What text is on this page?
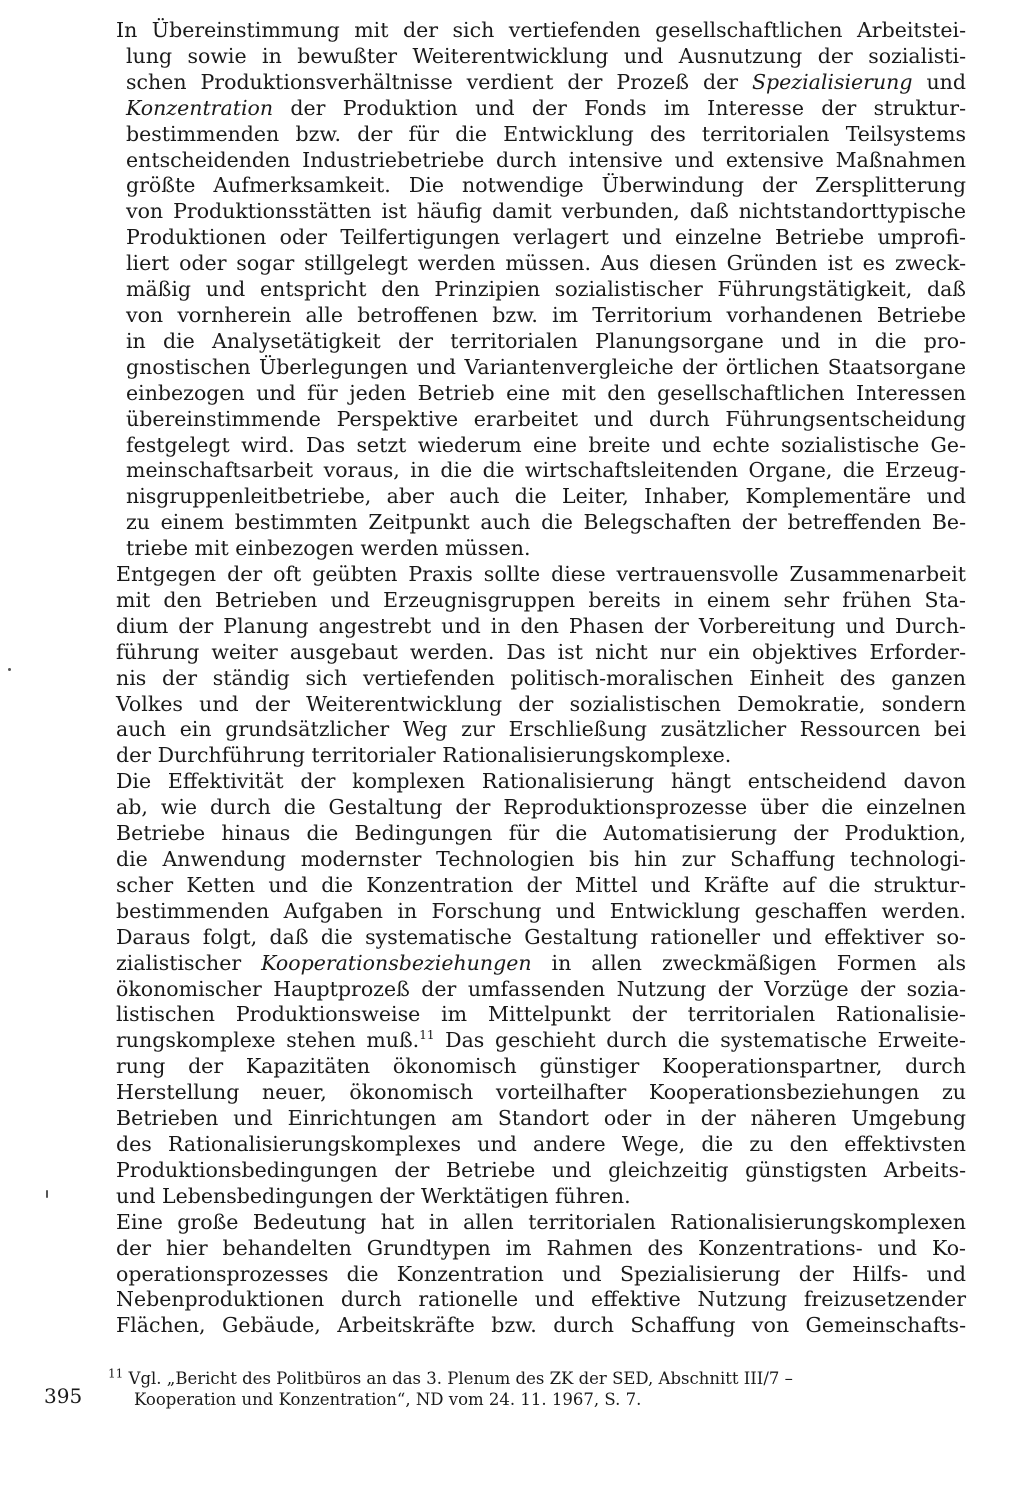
In Übereinstimmung mit der sich vertiefenden gesellschaftlichen Arbeitstei-
lung sowie in bewußter Weiterentwicklung und Ausnutzung der sozialisti-
schen Produktionsverhältnisse verdient der Prozeß der Spezialisierung und
Konzentration der Produktion und der Fonds im Interesse der struktur-
bestimmenden bzw. der für die Entwicklung des territorialen Teilsystems
entscheidenden Industriebetriebe durch intensive und extensive Maßnahmen
größte Aufmerksamkeit. Die notwendige Überwindung der Zersplitterung
von Produktionsstätten ist häufig damit verbunden, daß nichtstandorttypische
Produktionen oder Teilfertigungen verlagert und einzelne Betriebe umprofi-
liert oder sogar stillgelegt werden müssen. Aus diesen Gründen ist es zweck-
mäßig und entspricht den Prinzipien sozialistischer Führungstätigkeit, daß
von vornherein alle betroffenen bzw. im Territorium vorhandenen Betriebe
in die Analysetätigkeit der territorialen Planungsorgane und in die pro-
gnostischen Überlegungen und Variantenvergleiche der örtlichen Staatsorgane
einbezogen und für jeden Betrieb eine mit den gesellschaftlichen Interessen
übereinstimmende Perspektive erarbeitet und durch Führungsentscheidung
festgelegt wird. Das setzt wiederum eine breite und echte sozialistische Ge-
meinschaftsarbeit voraus, in die die wirtschaftsleitenden Organe, die Erzeug-
nisgruppenleitbetriebe, aber auch die Leiter, Inhaber, Komplementäre und
zu einem bestimmten Zeitpunkt auch die Belegschaften der betreffenden Be-
triebe mit einbezogen werden müssen.
Entgegen der oft geübten Praxis sollte diese vertrauensvolle Zusammenarbeit
mit den Betrieben und Erzeugnisgruppen bereits in einem sehr frühen Sta-
dium der Planung angestrebt und in den Phasen der Vorbereitung und Durch-
führung weiter ausgebaut werden. Das ist nicht nur ein objektives Erforder-
nis der ständig sich vertiefenden politisch-moralischen Einheit des ganzen
Volkes und der Weiterentwicklung der sozialistischen Demokratie, sondern
auch ein grundsätzlicher Weg zur Erschließung zusätzlicher Ressourcen bei
der Durchführung territorialer Rationalisierungskomplexe.
Die Effektivität der komplexen Rationalisierung hängt entscheidend davon
ab, wie durch die Gestaltung der Reproduktionsprozesse über die einzelnen
Betriebe hinaus die Bedingungen für die Automatisierung der Produktion,
die Anwendung modernster Technologien bis hin zur Schaffung technologi-
scher Ketten und die Konzentration der Mittel und Kräfte auf die struktur-
bestimmenden Aufgaben in Forschung und Entwicklung geschaffen werden.
Daraus folgt, daß die systematische Gestaltung rationeller und effektiver so-
zialistischer Kooperationsbeziehungen in allen zweckmäßigen Formen als
ökonomischer Hauptprozeß der umfassenden Nutzung der Vorzüge der sozia-
listischen Produktionsweise im Mittelpunkt der territorialen Rationalisie-
rungskomplexe stehen muß.$^{11}$ Das geschieht durch die systematische Erweite-
rung der Kapazitäten ökonomisch günstiger Kooperationspartner, durch
Herstellung neuer, ökonomisch vorteilhafter Kooperationsbeziehungen zu
Betrieben und Einrichtungen am Standort oder in der näheren Umgebung
des Rationalisierungskomplexes und andere Wege, die zu den effektivsten
Produktionsbedingungen der Betriebe und gleichzeitig günstigsten Arbeits-
und Lebensbedingungen der Werktätigen führen.
Eine große Bedeutung hat in allen territorialen Rationalisierungskomplexen
der hier behandelten Grundtypen im Rahmen des Konzentrations- und Ko-
operationsprozesses die Konzentration und Spezialisierung der Hilfs- und
Nebenproduktionen durch rationelle und effektive Nutzung freizusetzender
Flächen, Gebäude, Arbeitskräfte bzw. durch Schaffung von Gemeinschafts-
$^{11}$ Vgl. „Bericht des Politbüros an das 3. Plenum des ZK der SED, Abschnitt III/7 –
Kooperation und Konzentration“, ND vom 24. 11. 1967, S. 7.
395
